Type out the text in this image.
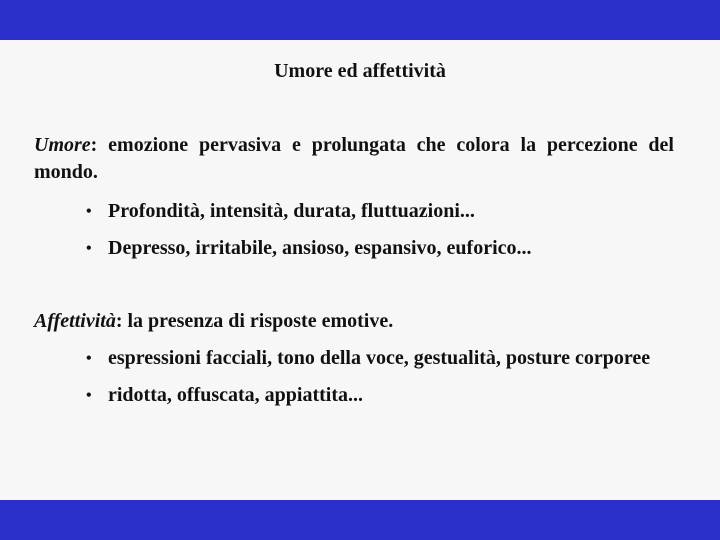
Umore ed affettività
Umore: emozione pervasiva e prolungata che colora la percezione del mondo.
• Profondità, intensità, durata, fluttuazioni...
• Depresso, irritabile, ansioso, espansivo, euforico...
Affettività: la presenza di risposte emotive.
• espressioni facciali, tono della voce, gestualità, posture corporee
• ridotta, offuscata, appiattita...
